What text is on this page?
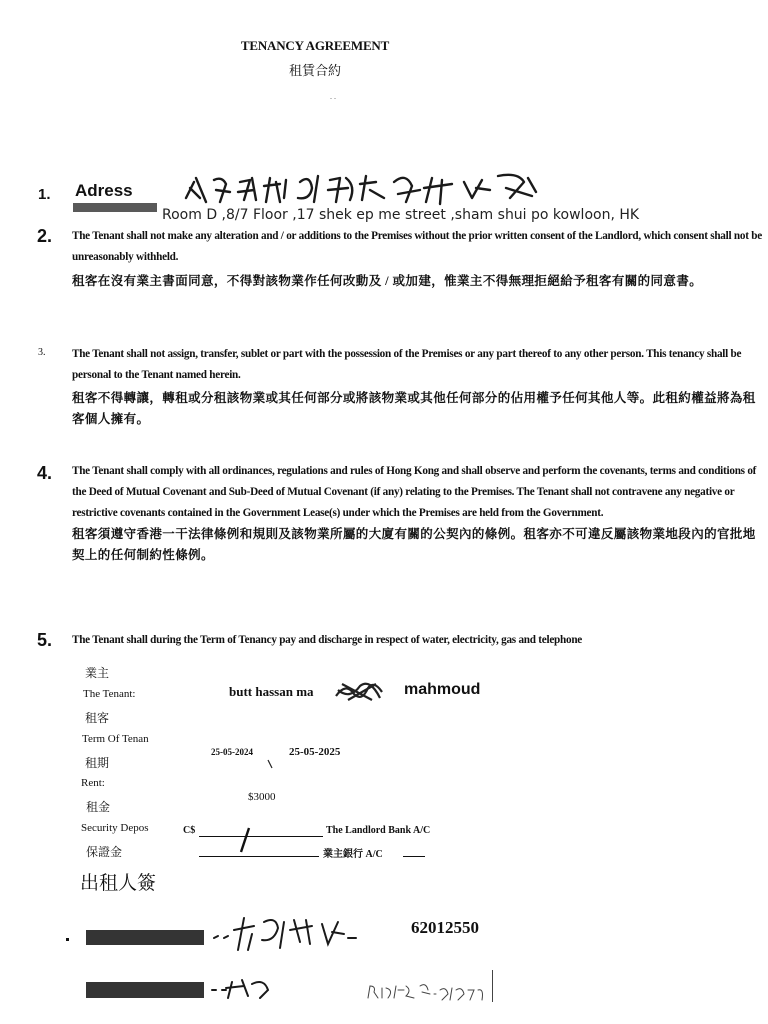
TENANCY AGREEMENT
租賃合約
. .
1. Adress
Room D ,8/7 Floor ,17 shek ep me street ,sham shui po kowloon, HK
2. The Tenant shall not make any alteration and / or additions to the Premises without the prior written consent of the Landlord, which consent shall not be unreasonably withheld.
租客在沒有業主書面同意，不得對該物業作任何改動及 / 或加建，惟業主不得無理拒絕給予租客有關的同意書。
3. The Tenant shall not assign, transfer, sublet or part with the possession of the Premises or any part thereof to any other person. This tenancy shall be personal to the Tenant named herein.
租客不得轉讓，轉租或分租該物業或其任何部分或將該物業或其他任何部分的佔用權予任何其他人等。此租約權益將為租客個人擁有。
4. The Tenant shall comply with all ordinances, regulations and rules of Hong Kong and shall observe and perform the covenants, terms and conditions of the Deed of Mutual Covenant and Sub-Deed of Mutual Covenant (if any) relating to the Premises. The Tenant shall not contravene any negative or restrictive covenants contained in the Government Lease(s) under which the Premises are held from the Government.
租客須遵守香港一干法律條例和規則及該物業所屬的大廈有關的公契內的條例。租客亦不可違反屬該物業地段內的官批地契上的任何制約性條例。
5. The Tenant shall during the Term of Tenancy pay and discharge in respect of water, electricity, gas and telephone
業主
The Tenant:
租客
butt hassan ma	mahmoud
Term Of Tenan
租期
25-05-2024	25-05-2025
Rent:
租金
$3000
Security Depos
保證金
C$	The Landlord Bank A/C
業主銀行 A/C
出租人簽
62012550
